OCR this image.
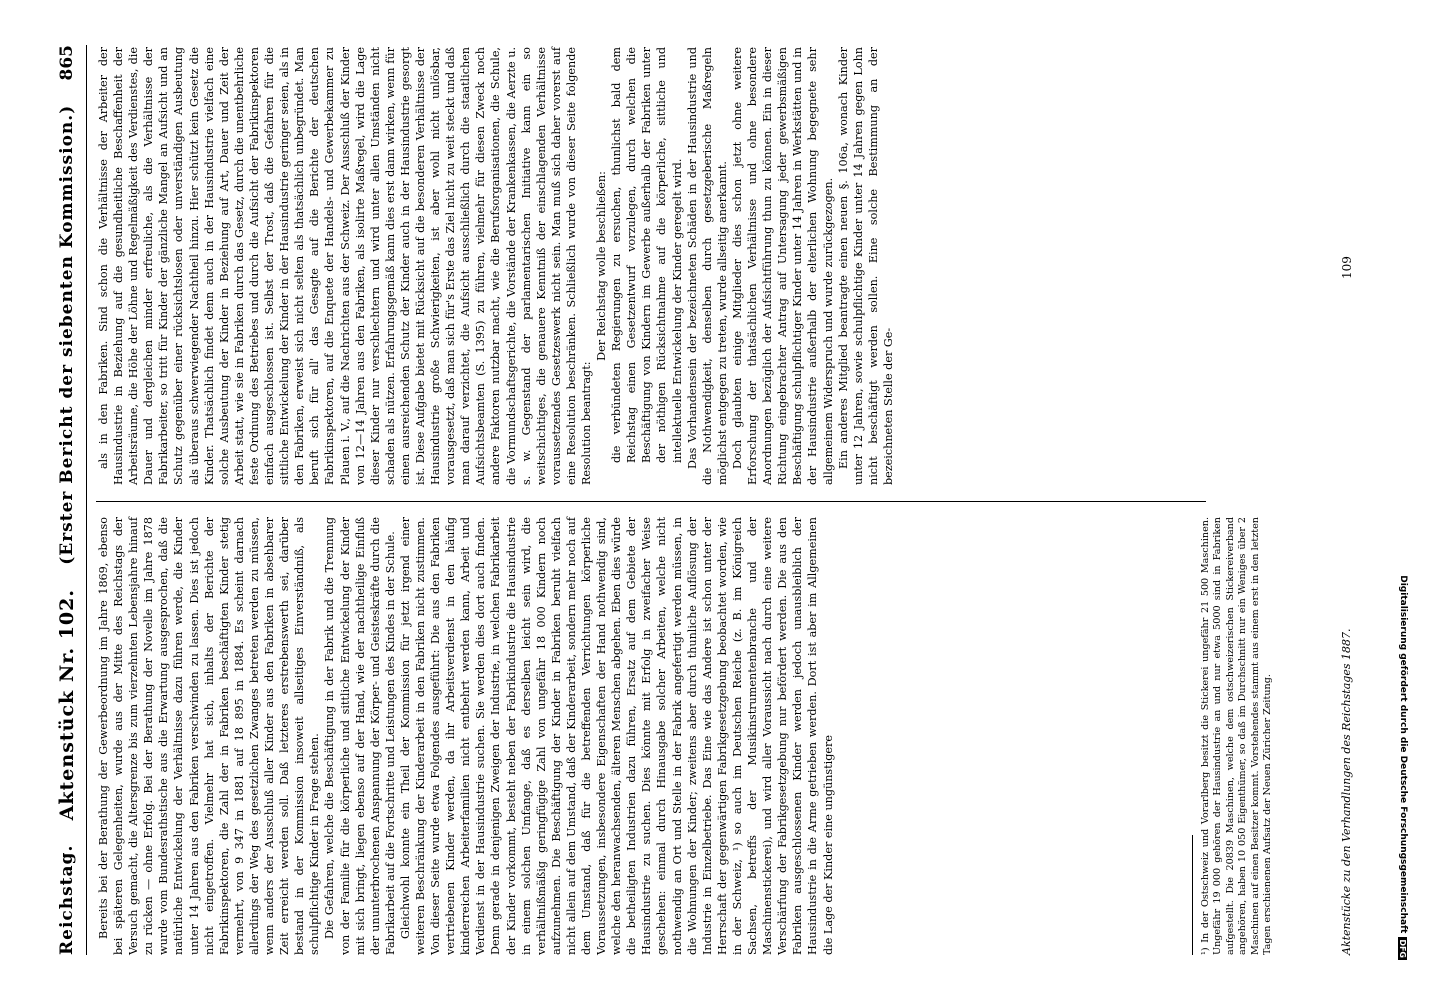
Reichstag.
Aktenstück Nr. 102.
(Erster Bericht der siebenten Kommission.)
865

Bereits bei der Berathung der Gewerbeordnung im Jahre 1869, ebenso bei späteren Gelegenheiten, wurde aus der Mitte des Reichstags der Versuch gemacht, die Altersgrenze bis zum vierzehnten Lebensjahre hinauf zu rücken — ohne Erfolg. Bei der Berathung der Novelle im Jahre 1878 wurde vom Bundesrathstische aus die Erwartung ausgesprochen, daß die natürliche Entwickelung der Verhältnisse dazu führen werde, die Kinder unter 14 Jahren aus den Fabriken verschwinden zu lassen. Dies ist jedoch nicht eingetroffen. Vielmehr hat sich, inhalts der Berichte der Fabrikinspektoren, die Zahl der in Fabriken beschäftigten Kinder stetig vermehrt, von 9 347 in 1881 auf 18 895 in 1884. Es scheint darnach allerdings der Weg des gesetzlichen Zwanges betreten werden zu müssen, wenn anders der Ausschluß aller Kinder aus den Fabriken in absehbarer Zeit erreicht werden soll. Daß letzteres erstrebenswerth sei, darüber bestand in der Kommission insoweit allseitiges Einverständniß, als schulpflichtige Kinder in Frage stehen. Die Gefahren, welche die Beschäftigung in der Fabrik und die Trennung von der Familie für die körperliche und sittliche Entwickelung der Kinder mit sich bringt, liegen ebenso auf der Hand, wie der nachtheilige Einfluß der ununterbrochenen Anspannung der Körper- und Geisteskräfte durch die Fabrikarbeit auf die Fortschritte und Leistungen des Kindes in der Schule. Gleichwohl konnte ein Theil der Kommission für jetzt irgend einer weiteren Beschränkung der Kinderarbeit in den Fabriken nicht zustimmen. Von dieser Seite wurde etwa Folgendes ausgeführt: Die aus den Fabriken vertriebenen Kinder werden, da ihr Arbeitsverdienst in den häufig kinderreichen Arbeiterfamilien nicht entbehrt werden kann, Arbeit und Verdienst in der Hausindustrie suchen. Sie werden dies dort auch finden. Denn gerade in denjenigen Zweigen der Industrie, in welchen Fabrikarbeit der Kinder vorkommt, besteht neben der Fabrikindustrie die Hausindustrie in einem solchen Umfange, daß es derselben leicht sein wird, die verhältnißmäßig geringfügige Zahl von ungefähr 18 000 Kindern noch aufzunehmen. Die Beschäftigung der Kinder in Fabriken beruht vielfach nicht allein auf dem Umstand, daß der Kinderarbeit, sondern mehr noch auf dem Umstand, daß für die betreffenden Verrichtungen körperliche Voraussetzungen, insbesondere Eigenschaften der Hand nothwendig sind, welche den heranwachsenden, älteren Menschen abgehen. Eben dies würde die betheiligten Industrien dazu führen, Ersatz auf dem Gebiete der Hausindustrie zu suchen. Dies könnte mit Erfolg in zweifacher Weise geschehen: einmal durch Hinausgabe solcher Arbeiten, welche nicht nothwendig an Ort und Stelle in der Fabrik angefertigt werden müssen, in die Wohnungen der Kinder; zweitens aber durch thunliche Auflösung der Industrie in Einzelbetriebe. Das Eine wie das Andere ist schon unter der Herrschaft der gegenwärtigen Fabrikgesetzgebung beobachtet worden, wie in der Schweiz, ¹) so auch im Deutschen Reiche (z. B. im Königreich Sachsen, betreffs der Musikinstrumentenbranche und der Maschinenstickerei), und wird aller Voraussicht nach durch eine weitere Verschärfung der Fabrikgesetzgebung nur befördert werden. Die aus den Fabriken ausgeschlossenen Kinder werden jedoch unausbleiblich der Hausindustrie in die Arme getrieben werden. Dort ist aber im Allgemeinen die Lage der Kinder eine ungünstigere

als in den Fabriken. Sind schon die Verhältnisse der Arbeiter der Hausindustrie in Beziehung auf die gesundheitliche Beschaffenheit der Arbeitsräume, die Höhe der Löhne und Regelmäßigkeit des Verdienstes, die Dauer und dergleichen minder erfreuliche, als die Verhältnisse der Fabrikarbeiter, so tritt für Kinder der gänzliche Mangel an Aufsicht und an Schutz gegenüber einer rücksichtslosen oder unverständigen Ausbeutung als überaus schwerwiegender Nachtheil hinzu. Hier schützt kein Gesetz die Kinder. Thatsächlich findet denn auch in der Hausindustrie vielfach eine solche Ausbeutung der Kinder in Beziehung auf Art, Dauer und Zeit der Arbeit statt, wie sie in Fabriken durch das Gesetz, durch die unentbehrliche feste Ordnung des Betriebes und durch die Aufsicht der Fabrikinspektoren einfach ausgeschlossen ist. Selbst der Trost, daß die Gefahren für die sittliche Entwickelung der Kinder in der Hausindustrie geringer seien, als in den Fabriken, erweist sich nicht selten als thatsächlich unbegründet. Man beruft sich für all' das Gesagte auf die Berichte der deutschen Fabrikinspektoren, auf die Enquete der Handels- und Gewerbekammer zu Plauen i. V., auf die Nachrichten aus der Schweiz. Der Ausschluß der Kinder von 12—14 Jahren aus den Fabriken, als isolirte Maßregel, wird die Lage dieser Kinder nur verschlechtern und wird unter allen Umständen nicht schaden als nützen. Erfahrungsgemäß kann dies erst dann wirken, wenn für einen ausreichenden Schutz der Kinder auch in der Hausindustrie gesorgt ist. Diese Aufgabe bietet mit Rücksicht auf die besonderen Verhältnisse der Hausindustrie große Schwierigkeiten, ist aber wohl nicht unlösbar, vorausgesetzt, daß man sich für's Erste das Ziel nicht zu weit steckt und daß man darauf verzichtet, die Aufsicht ausschließlich durch die staatlichen Aufsichtsbeamten (S. 1395) zu führen, vielmehr für diesen Zweck noch andere Faktoren nutzbar macht, wie die Berufsorganisationen, die Schule, die Vormundschaftsgerichte, die Vorstände der Krankenkassen, die Aerzte u. s. w. Gegenstand der parlamentarischen Initiative kann ein so weitschichtiges, die genauere Kenntniß der einschlagenden Verhältnisse voraussetzendes Gesetzeswerk nicht sein. Man muß sich daher vorerst auf eine Resolution beschränken. Schließlich wurde von dieser Seite folgende Resolution beantragt:

Der Reichstag wolle beschließen: die verbündeten Regierungen zu ersuchen, thunlichst bald dem Reichstag einen Gesetzentwurf vorzulegen, durch welchen die Beschäftigung von Kindern im Gewerbe außerhalb der Fabriken unter der nöthigen Rücksichtnahme auf die körperliche, sittliche und intellektuelle Entwickelung der Kinder geregelt wird. Das Vorhandensein der bezeichneten Schäden in der Hausindustrie und die Nothwendigkeit, denselben durch gesetzgeberische Maßregeln möglichst entgegen zu treten, wurde allseitig anerkannt. Doch glaubten einige Mitglieder dies schon jetzt ohne weitere Erforschung der thatsächlichen Verhältnisse und ohne besondere Anordnungen bezüglich der Aufsichtführung thun zu können. Ein in dieser Richtung eingebrachter Antrag auf Untersagung jeder gewerbsmäßigen Beschäftigung schulpflichtiger Kinder unter 14 Jahren in Werkstätten und in der Hausindustrie außerhalb der elterlichen Wohnung begegnete sehr allgemeinem Widerspruch und wurde zurückgezogen. Ein anderes Mitglied beantragte einen neuen §. 106a, wonach Kinder unter 12 Jahren, sowie schulpflichtige Kinder unter 14 Jahren gegen Lohn nicht beschäftigt werden sollen. Eine solche Bestimmung an der bezeichneten Stelle der Ge-

¹) In der Ostschweiz und Vorarlberg besitzt die Stickerei ungefähr 21 500 Maschinen. Ungefähr 19 000 gehören der Hausindustrie an und nur etwa 5000 sind in Fabriken aufgestellt. Die 20839 Maschinen, welche dem ostschweizerischen Stickereiverband angehören, haben 10 050 Eigenthümer, so daß im Durchschnitt nur ein Weniges über 2 Maschinen auf einen Besitzer kommt. Vorstehendes stammt aus einem erst in den letzten Tagen erschienenen Aufsatz der Neuen Züricher Zeitung.	Aktenstücke zu den Verhandlungen des Reichstages 1887.
109
Digitalisierung gefördert durch die Deutsche Forschungsgemeinschaft
DFG
